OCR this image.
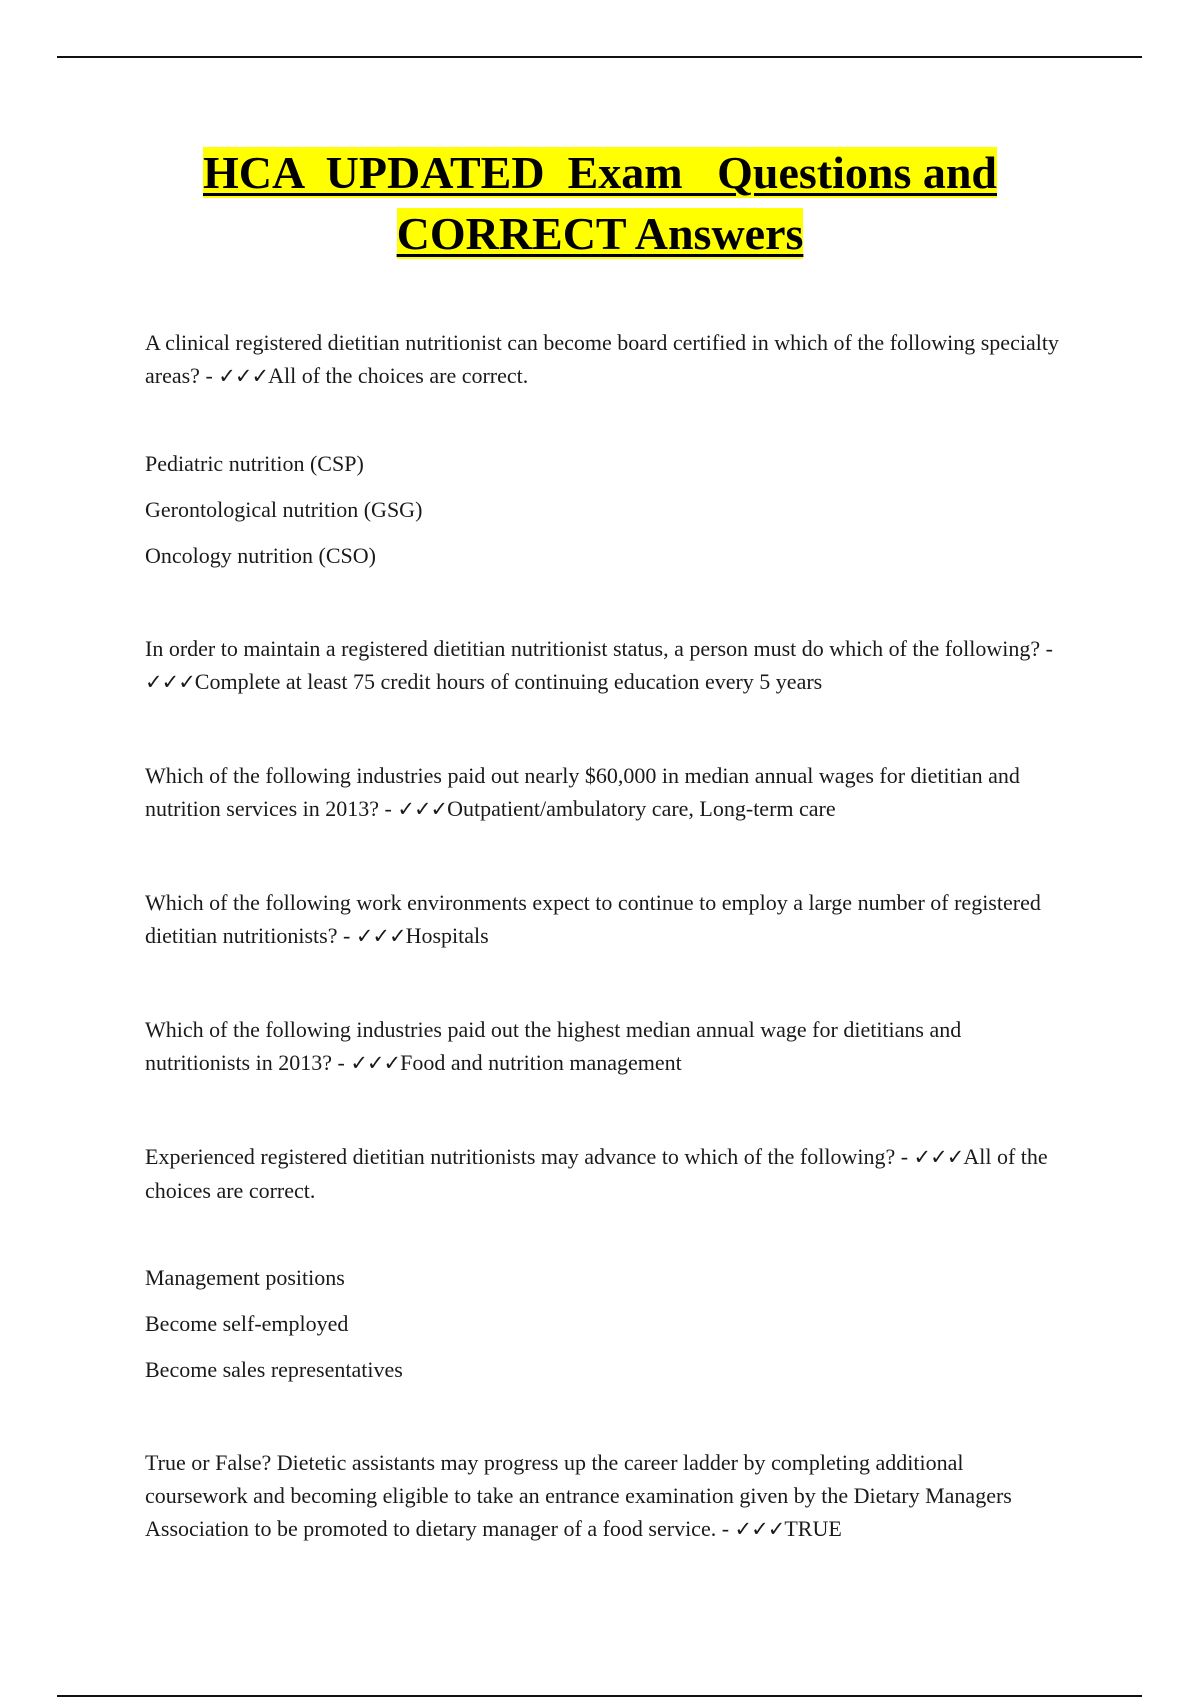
HCA  UPDATED  Exam   Questions and
CORRECT Answers
A clinical registered dietitian nutritionist can become board certified in which of the following specialty areas? - ✓✓✓All of the choices are correct.
Pediatric nutrition (CSP)
Gerontological nutrition (GSG)
Oncology nutrition (CSO)
In order to maintain a registered dietitian nutritionist status, a person must do which of the following? - ✓✓✓Complete at least 75 credit hours of continuing education every 5 years
Which of the following industries paid out nearly $60,000 in median annual wages for dietitian and nutrition services in 2013? - ✓✓✓Outpatient/ambulatory care, Long-term care
Which of the following work environments expect to continue to employ a large number of registered dietitian nutritionists? - ✓✓✓Hospitals
Which of the following industries paid out the highest median annual wage for dietitians and nutritionists in 2013? - ✓✓✓Food and nutrition management
Experienced registered dietitian nutritionists may advance to which of the following? - ✓✓✓All of the choices are correct.
Management positions
Become self-employed
Become sales representatives
True or False? Dietetic assistants may progress up the career ladder by completing additional coursework and becoming eligible to take an entrance examination given by the Dietary Managers Association to be promoted to dietary manager of a food service. - ✓✓✓TRUE
